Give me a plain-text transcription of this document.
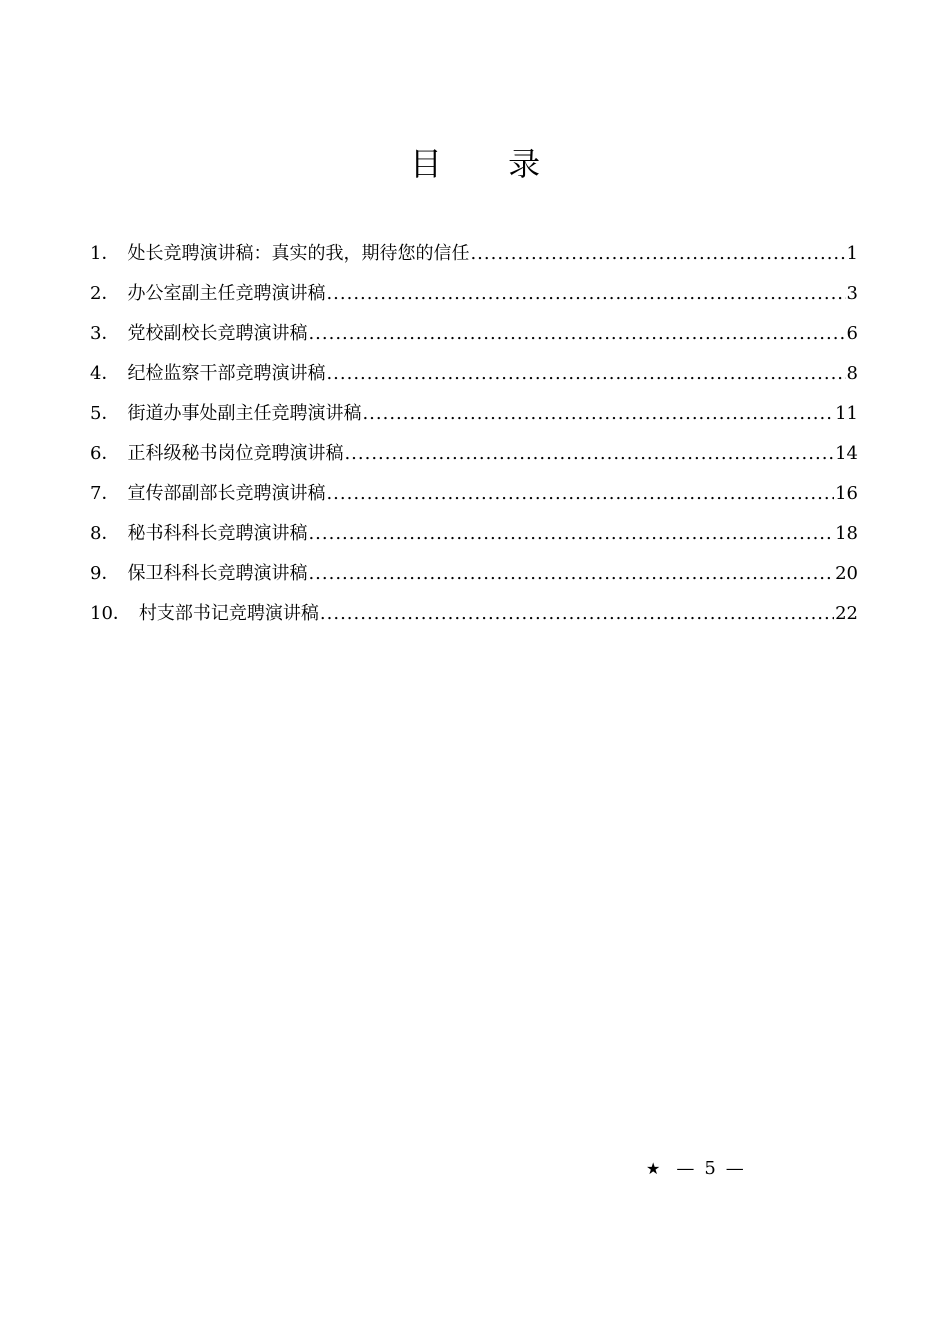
目 录
1． 处长竞聘演讲稿：真实的我，期待您的信任 .....	1
2． 办公室副主任竞聘演讲稿 .....	3
3． 党校副校长竞聘演讲稿 .....	6
4． 纪检监察干部竞聘演讲稿 .....	8
5． 街道办事处副主任竞聘演讲稿 .....	11
6． 正科级秘书岗位竞聘演讲稿 .....	14
7． 宣传部副部长竞聘演讲稿 .....	16
8． 秘书科科长竞聘演讲稿 .....	18
9． 保卫科科长竞聘演讲稿 .....	20
10． 村支部书记竞聘演讲稿 .....	22
★ — 5 —
